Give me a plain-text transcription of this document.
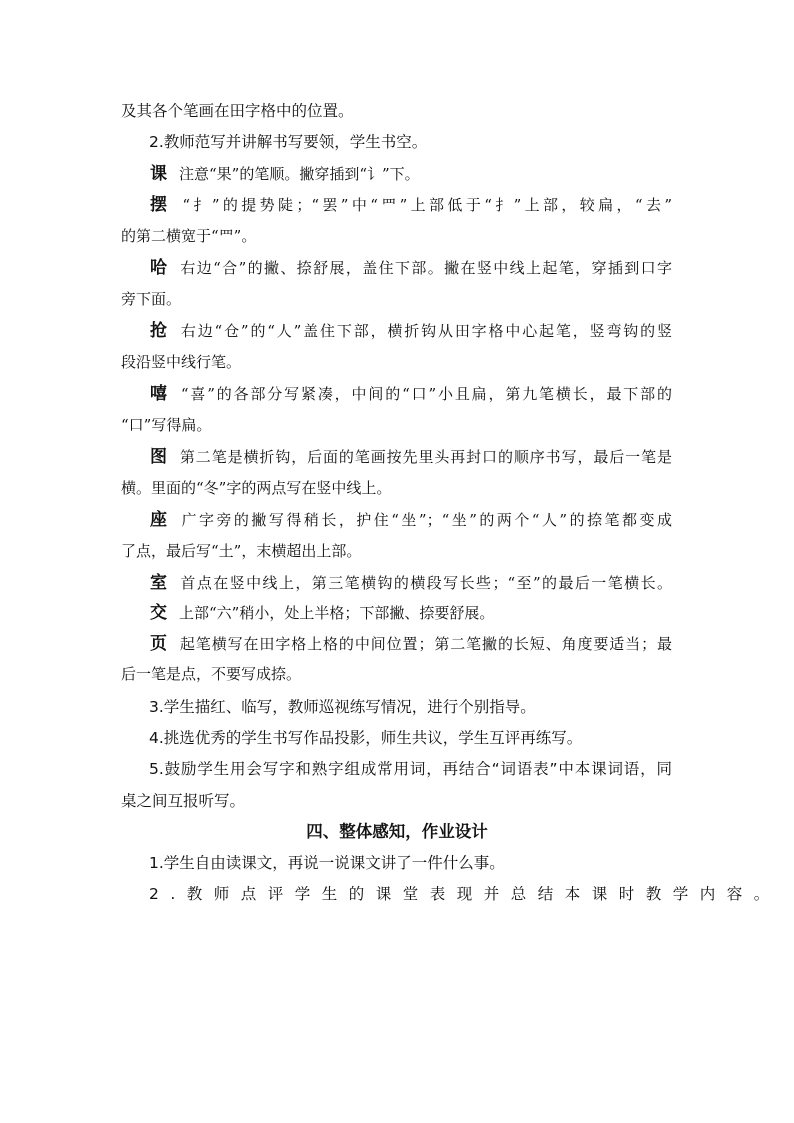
及其各个笔画在田字格中的位置。
2.教师范写并讲解书写要领，学生书空。
课 注意“果”的笔顺。撇穿插到“讠”下。
摆 “扌”的提势陡；“罢”中“罒”上部低于“扌”上部，较扁，“去”
的第二横宽于“罒”。
哈 右边“合”的撇、捺舒展，盖住下部。撇在竖中线上起笔，穿插到口字
旁下面。
抢 右边“仓”的“人”盖住下部，横折钩从田字格中心起笔，竖弯钩的竖
段沿竖中线行笔。
嘻 “喜”的各部分写紧凑，中间的“口”小且扁，第九笔横长，最下部的
“口”写得扁。
图 第二笔是横折钩，后面的笔画按先里头再封口的顺序书写，最后一笔是
横。里面的“冬”字的两点写在竖中线上。
座 广字旁的撇写得稍长，护住“坐”；“坐”的两个“人”的捺笔都变成
了点，最后写“土”，末横超出上部。
室 首点在竖中线上，第三笔横钩的横段写长些；“至”的最后一笔横长。
交 上部“六”稍小，处上半格；下部撇、捺要舒展。
页 起笔横写在田字格上格的中间位置；第二笔撇的长短、角度要适当；最
后一笔是点，不要写成捺。
3.学生描红、临写，教师巡视练写情况，进行个别指导。
4.挑选优秀的学生书写作品投影，师生共议，学生互评再练写。
5.鼓励学生用会写字和熟字组成常用词，再结合“词语表”中本课词语，同
桌之间互报听写。
四、整体感知，作业设计
1.学生自由读课文，再说一说课文讲了一件什么事。
2.教师点评学生的课堂表现并总结本课时教学内容。
